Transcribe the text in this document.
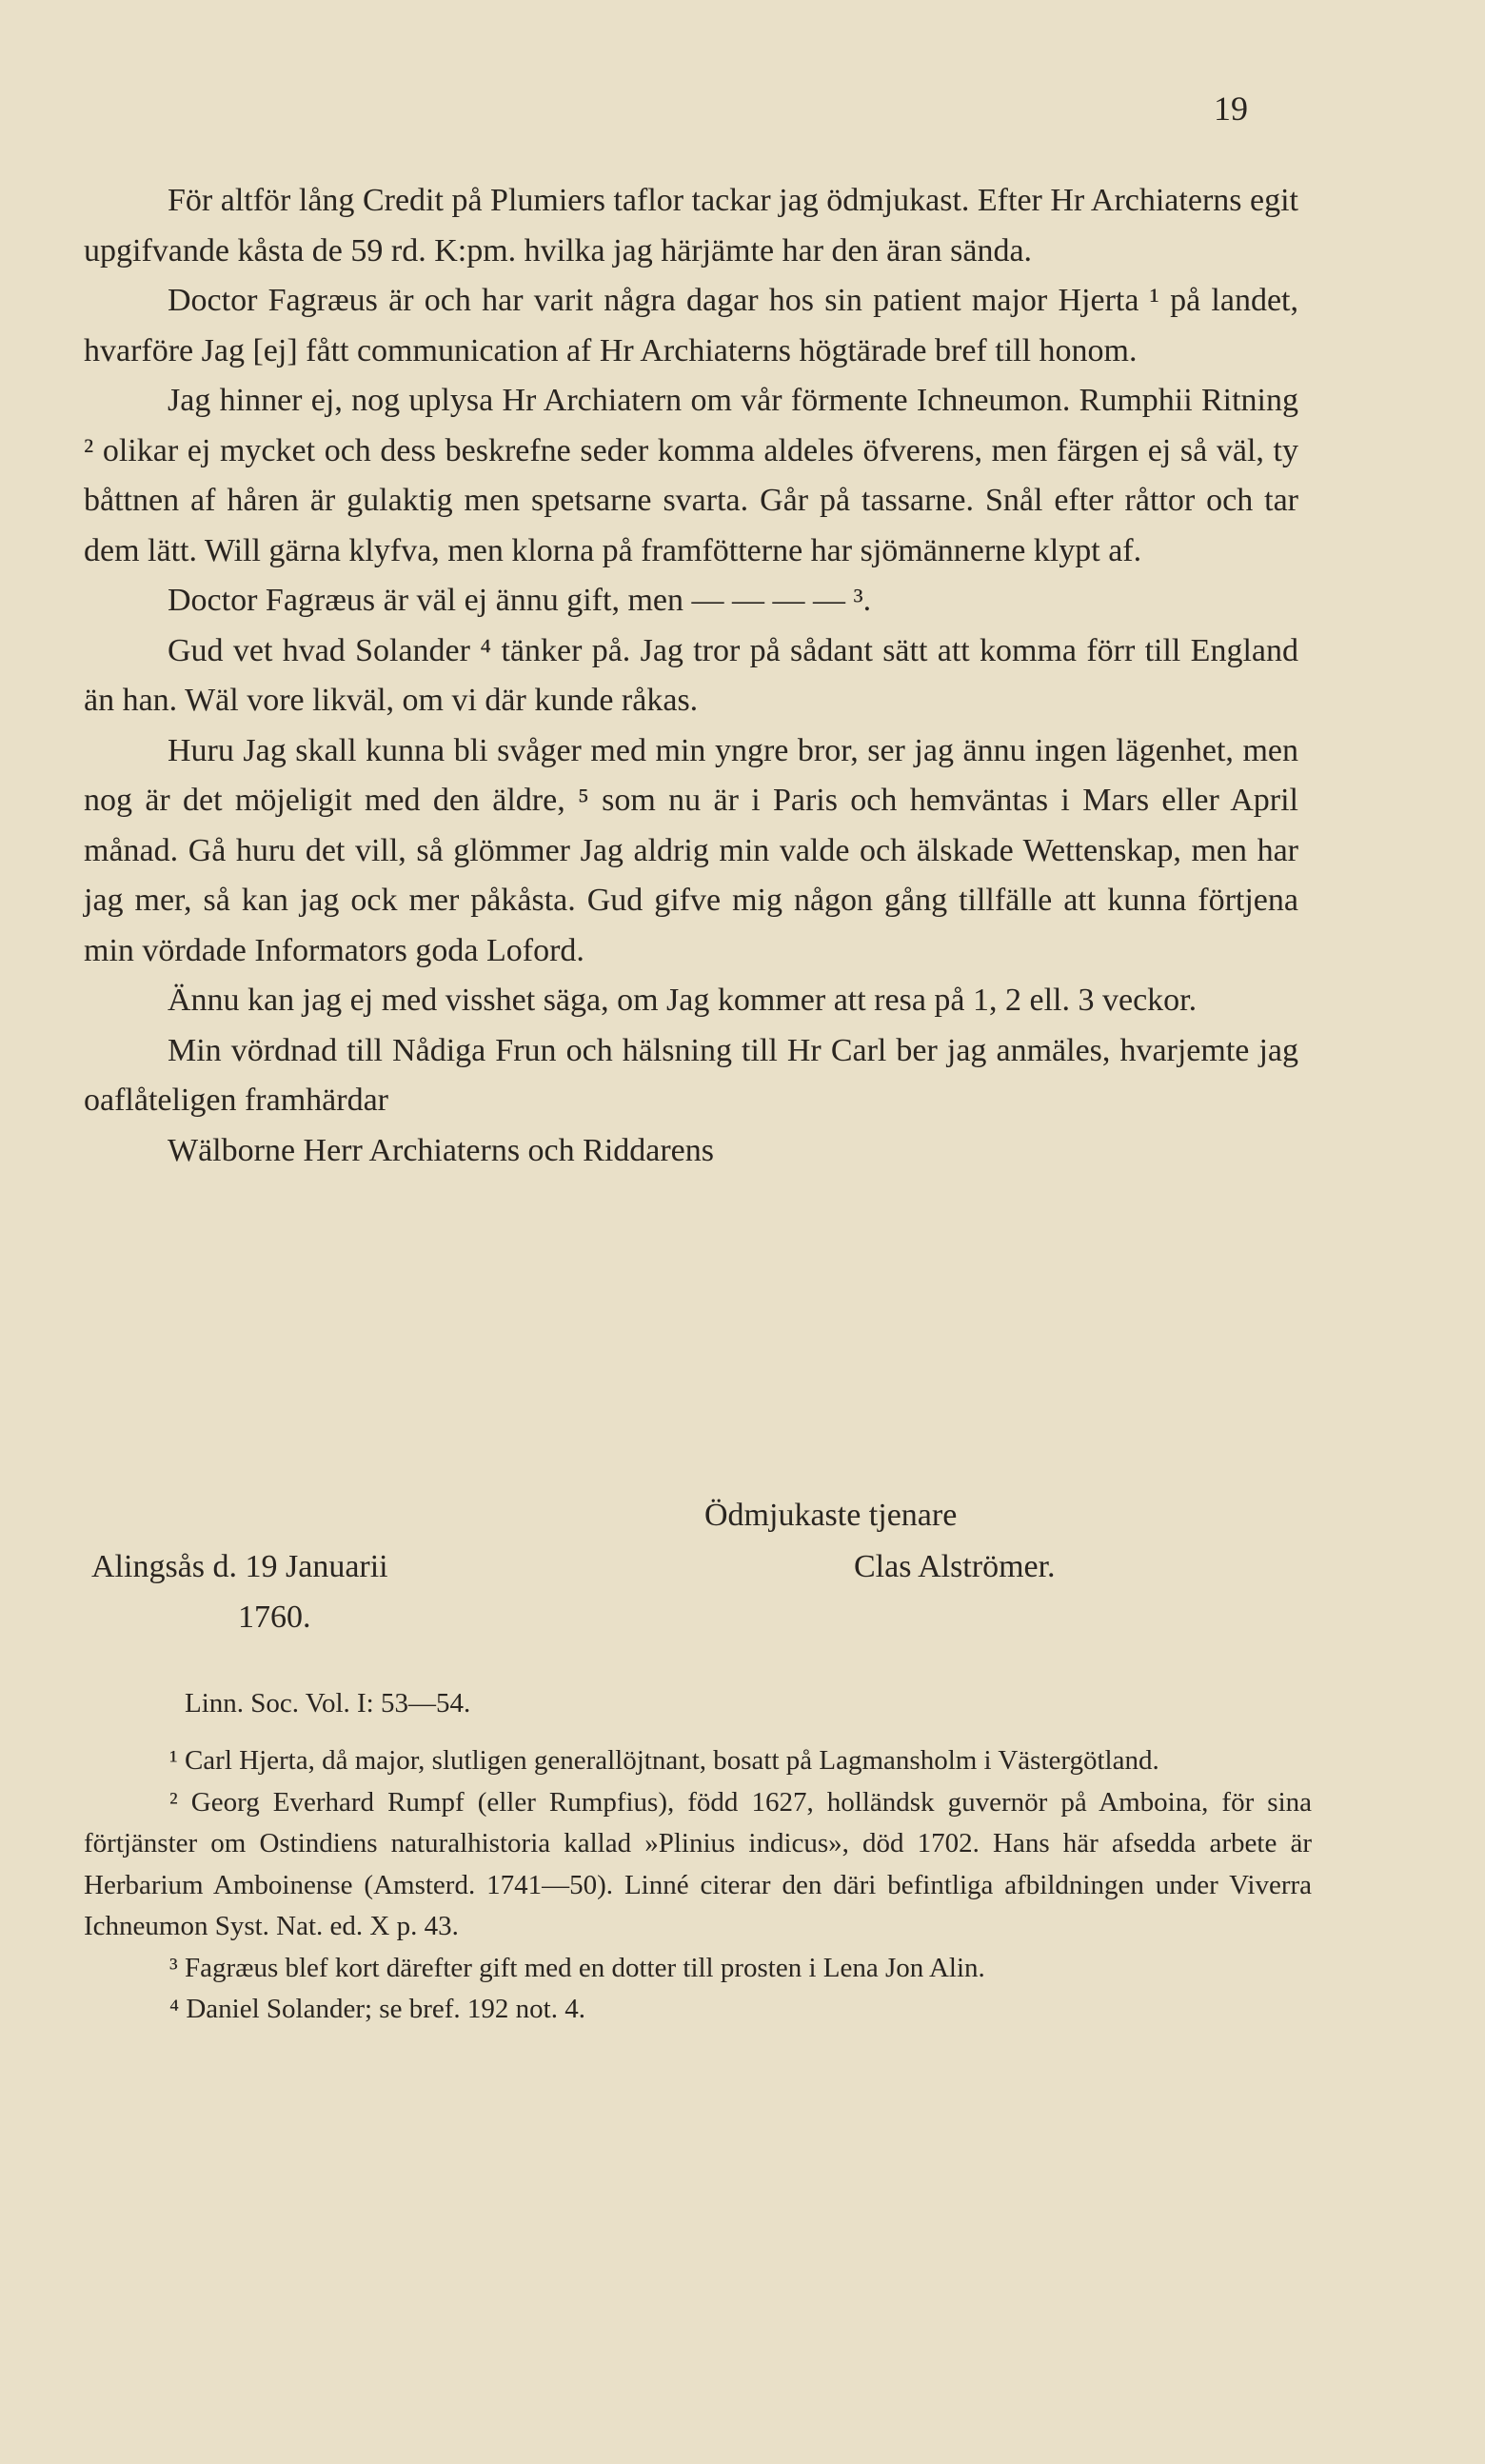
19

För altför lång Credit på Plumiers taflor tackar jag ödmjukast. Efter Hr Archiaterns egit upgifvande kåsta de 59 rd. K:pm. hvilka jag härjämte har den äran sända.

Doctor Fagræus är och har varit några dagar hos sin patient major Hjerta ¹ på landet, hvarföre Jag [ej] fått communication af Hr Archiaterns högtärade bref till honom.

Jag hinner ej, nog uplysa Hr Archiatern om vår förmente Ichneumon. Rumphii Ritning ² olikar ej mycket och dess beskrefne seder komma aldeles öfverens, men färgen ej så väl, ty båttnen af håren är gulaktig men spetsarne svarta. Går på tassarne. Snål efter råttor och tar dem lätt. Will gärna klyfva, men klorna på framfötterne har sjömännerne klypt af.

Doctor Fagræus är väl ej ännu gift, men — — — — ³.

Gud vet hvad Solander ⁴ tänker på. Jag tror på sådant sätt att komma förr till England än han. Wäl vore likväl, om vi där kunde råkas.

Huru Jag skall kunna bli svåger med min yngre bror, ser jag ännu ingen lägenhet, men nog är det möjeligit med den äldre, ⁵ som nu är i Paris och hemväntas i Mars eller April månad. Gå huru det vill, så glömmer Jag aldrig min valde och älskade Wettenskap, men har jag mer, så kan jag ock mer påkåsta. Gud gifve mig någon gång tillfälle att kunna förtjena min vördade Informators goda Loford.

Ännu kan jag ej med visshet säga, om Jag kommer att resa på 1, 2 ell. 3 veckor.

Min vördnad till Nådiga Frun och hälsning till Hr Carl ber jag anmäles, hvarjemte jag oaflåteligen framhärdar

Wälborne Herr Archiaterns och Riddarens

Ödmjukaste tjenare
Alingsås d. 19 Januarii	Clas Alströmer.
1760.
Linn. Soc. Vol. I: 53—54.

¹ Carl Hjerta, då major, slutligen generallöjtnant, bosatt på Lagmansholm i Västergötland.

² Georg Everhard Rumpf (eller Rumpfius), född 1627, holländsk guvernör på Amboina, för sina förtjänster om Ostindiens naturalhistoria kallad »Plinius indicus», död 1702. Hans här afsedda arbete är Herbarium Amboinense (Amsterd. 1741—50). Linné citerar den däri befintliga afbildningen under Viverra Ichneumon Syst. Nat. ed. X p. 43.

³ Fagræus blef kort därefter gift med en dotter till prosten i Lena Jon Alin.

⁴ Daniel Solander; se bref. 192 not. 4.
